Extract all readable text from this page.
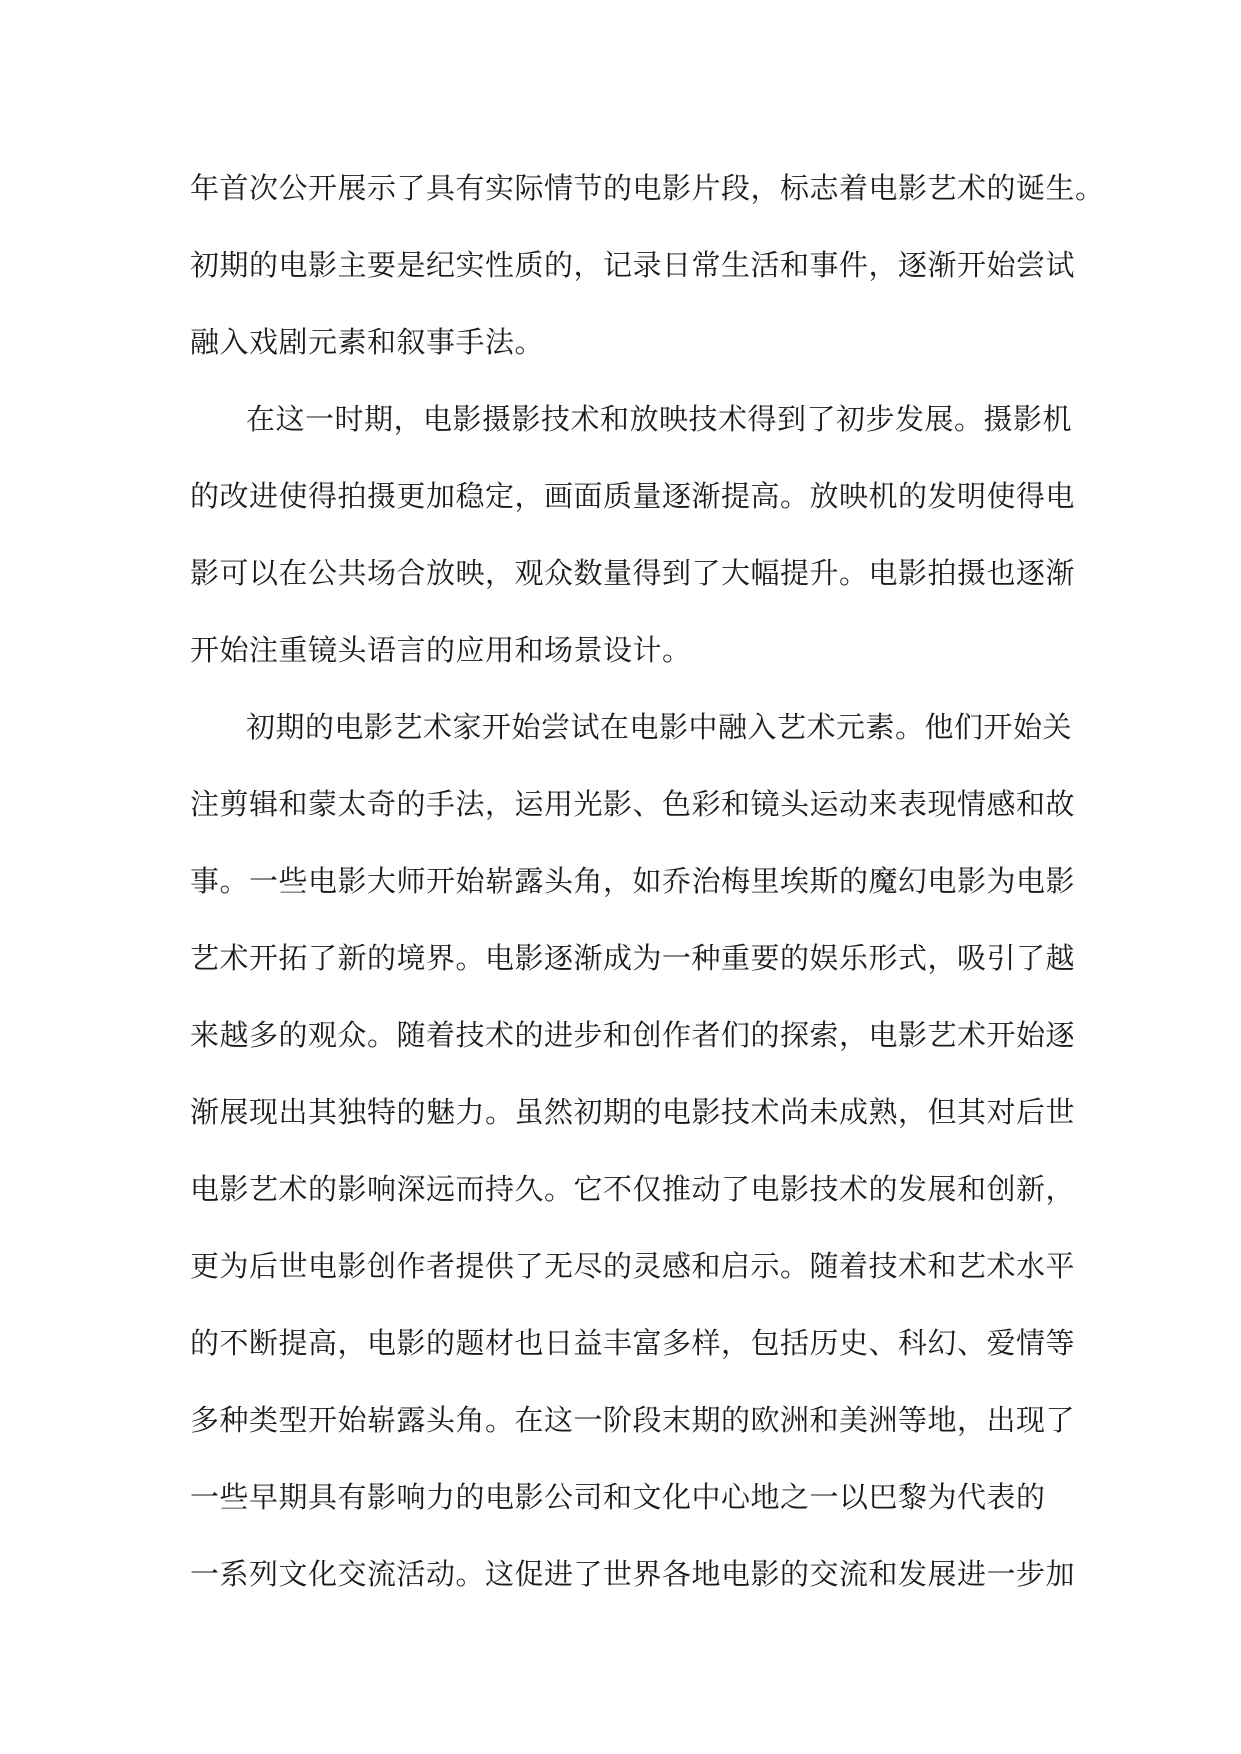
年首次公开展示了具有实际情节的电影片段，标志着电影艺术的诞生。
初期的电影主要是纪实性质的，记录日常生活和事件，逐渐开始尝试
融入戏剧元素和叙事手法。
在这一时期，电影摄影技术和放映技术得到了初步发展。摄影机
的改进使得拍摄更加稳定，画面质量逐渐提高。放映机的发明使得电
影可以在公共场合放映，观众数量得到了大幅提升。电影拍摄也逐渐
开始注重镜头语言的应用和场景设计。
初期的电影艺术家开始尝试在电影中融入艺术元素。他们开始关
注剪辑和蒙太奇的手法，运用光影、色彩和镜头运动来表现情感和故
事。一些电影大师开始崭露头角，如乔治梅里埃斯的魔幻电影为电影
艺术开拓了新的境界。电影逐渐成为一种重要的娱乐形式，吸引了越
来越多的观众。随着技术的进步和创作者们的探索，电影艺术开始逐
渐展现出其独特的魅力。虽然初期的电影技术尚未成熟，但其对后世
电影艺术的影响深远而持久。它不仅推动了电影技术的发展和创新，
更为后世电影创作者提供了无尽的灵感和启示。随着技术和艺术水平
的不断提高，电影的题材也日益丰富多样，包括历史、科幻、爱情等
多种类型开始崭露头角。在这一阶段末期的欧洲和美洲等地，出现了
一些早期具有影响力的电影公司和文化中心地之一以巴黎为代表的
一系列文化交流活动。这促进了世界各地电影的交流和发展进一步加
